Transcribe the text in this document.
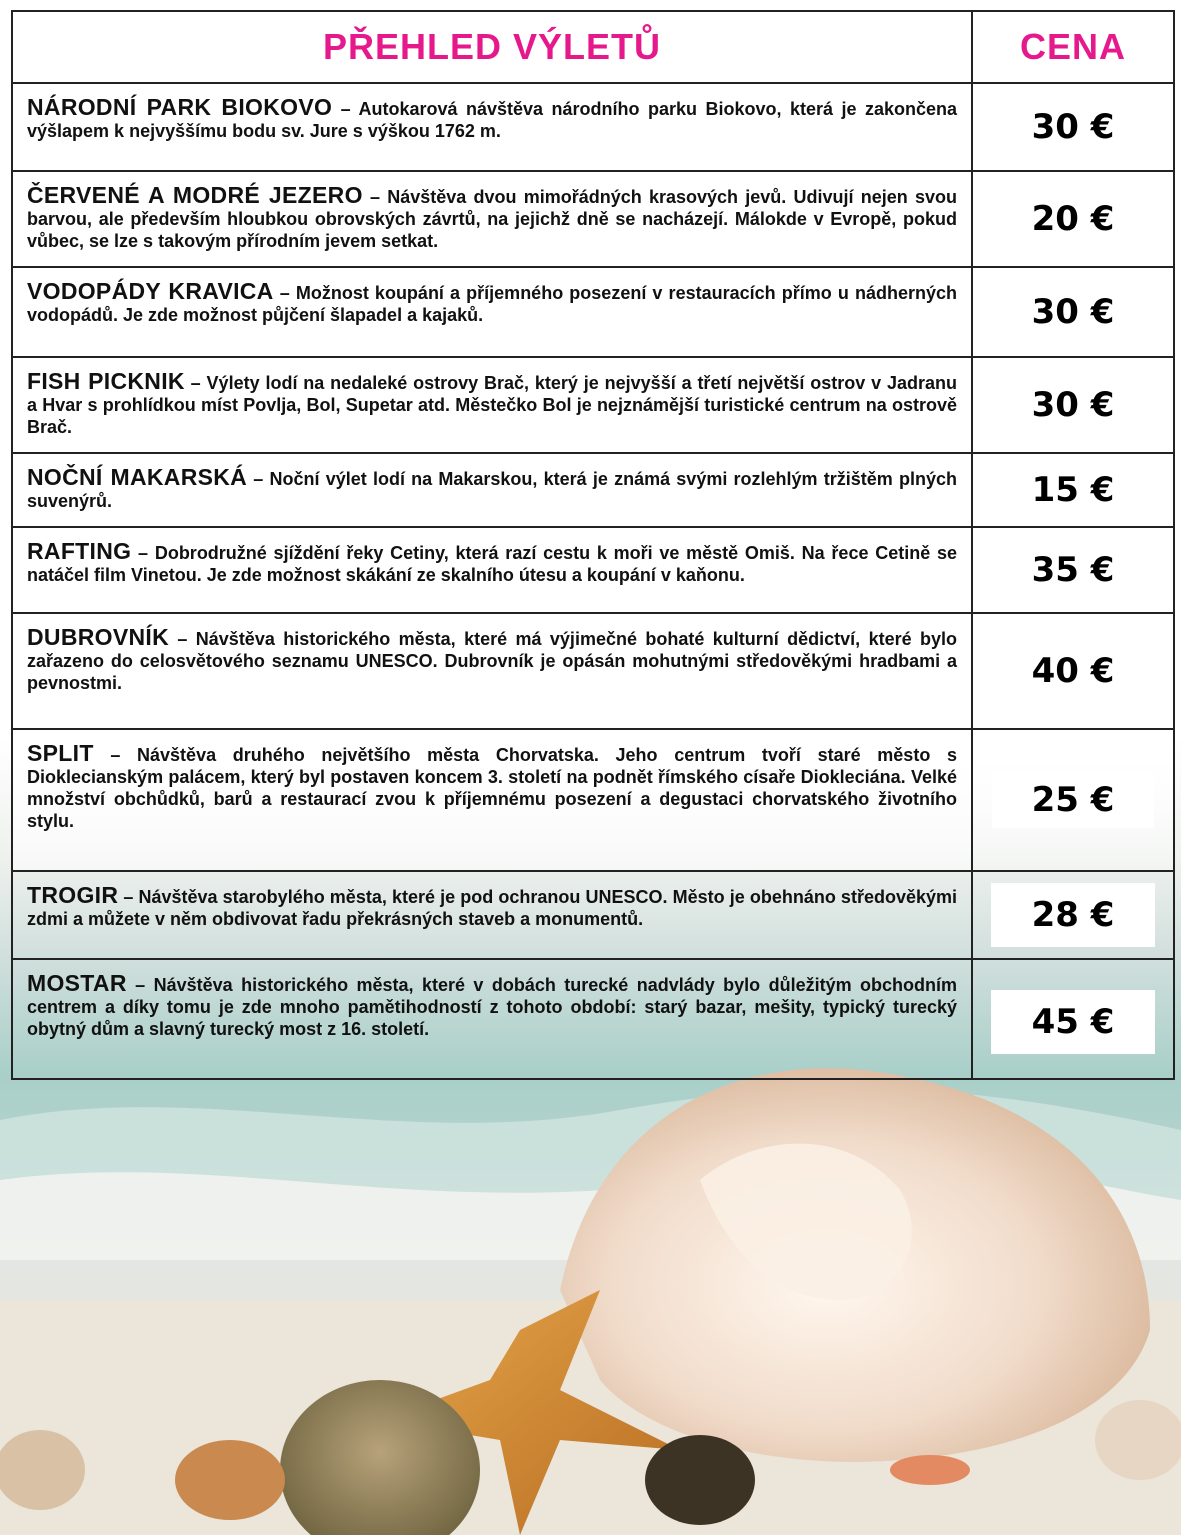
PŘEHLED VÝLETŮ	CENA
NÁRODNÍ PARK BIOKOVO – Autokarová návštěva národního parku Biokovo, která je zakončena výšlapem k nejvyššímu bodu sv. Jure s výškou 1762 m.	30 €
ČERVENÉ A MODRÉ JEZERO – Návštěva dvou mimořádných krasových jevů. Udivují nejen svou barvou, ale především hloubkou obrovských závrtů, na jejichž dně se nacházejí. Málokde v Evropě, pokud vůbec, se lze s takovým přírodním jevem setkat.	20 €
VODOPÁDY KRAVICA – Možnost koupání a příjemného posezení v restauracích přímo u nádherných vodopádů. Je zde možnost půjčení šlapadel a kajaků.	30 €
FISH PICKNIK – Výlety lodí na nedaleké ostrovy Brač, který je nejvyšší a třetí největší ostrov v Jadranu a Hvar s prohlídkou míst Povlja, Bol, Supetar atd. Městečko Bol je nejznámější turistické centrum na ostrově Brač.	30 €
NOČNÍ MAKARSKÁ – Noční výlet lodí na Makarskou, která je známá svými rozlehlým tržištěm plných suvenýrů.	15 €
RAFTING – Dobrodružné sjíždění řeky Cetiny, která razí cestu k moři ve městě Omiš. Na řece Cetině se natáčel film Vinetou. Je zde možnost skákání ze skalního útesu a koupání v kaňonu.	35 €
DUBROVNÍK – Návštěva historického města, které má výjimečné bohaté kulturní dědictví, které bylo zařazeno do celosvětového seznamu UNESCO. Dubrovník je opásán mohutnými středověkými hradbami a pevnostmi.	40 €
SPLIT – Návštěva druhého největšího města Chorvatska. Jeho centrum tvoří staré město s Dioklecianským palácem, který byl postaven koncem 3. století na podnět římského císaře Diokleciána. Velké množství obchůdků, barů a restaurací zvou k příjemnému posezení a degustaci chorvatského životního stylu.	25 €
TROGIR – Návštěva starobylého města, které je pod ochranou UNESCO. Město je obehnáno středověkými zdmi a můžete v něm obdivovat řadu překrásných staveb a monumentů.	28 €
MOSTAR – Návštěva historického města, které v dobách turecké nadvlády bylo důležitým obchodním centrem a díky tomu je zde mnoho pamětihodností z tohoto období: starý bazar, mešity, typický turecký obytný dům a slavný turecký most z 16. století.	45 €
